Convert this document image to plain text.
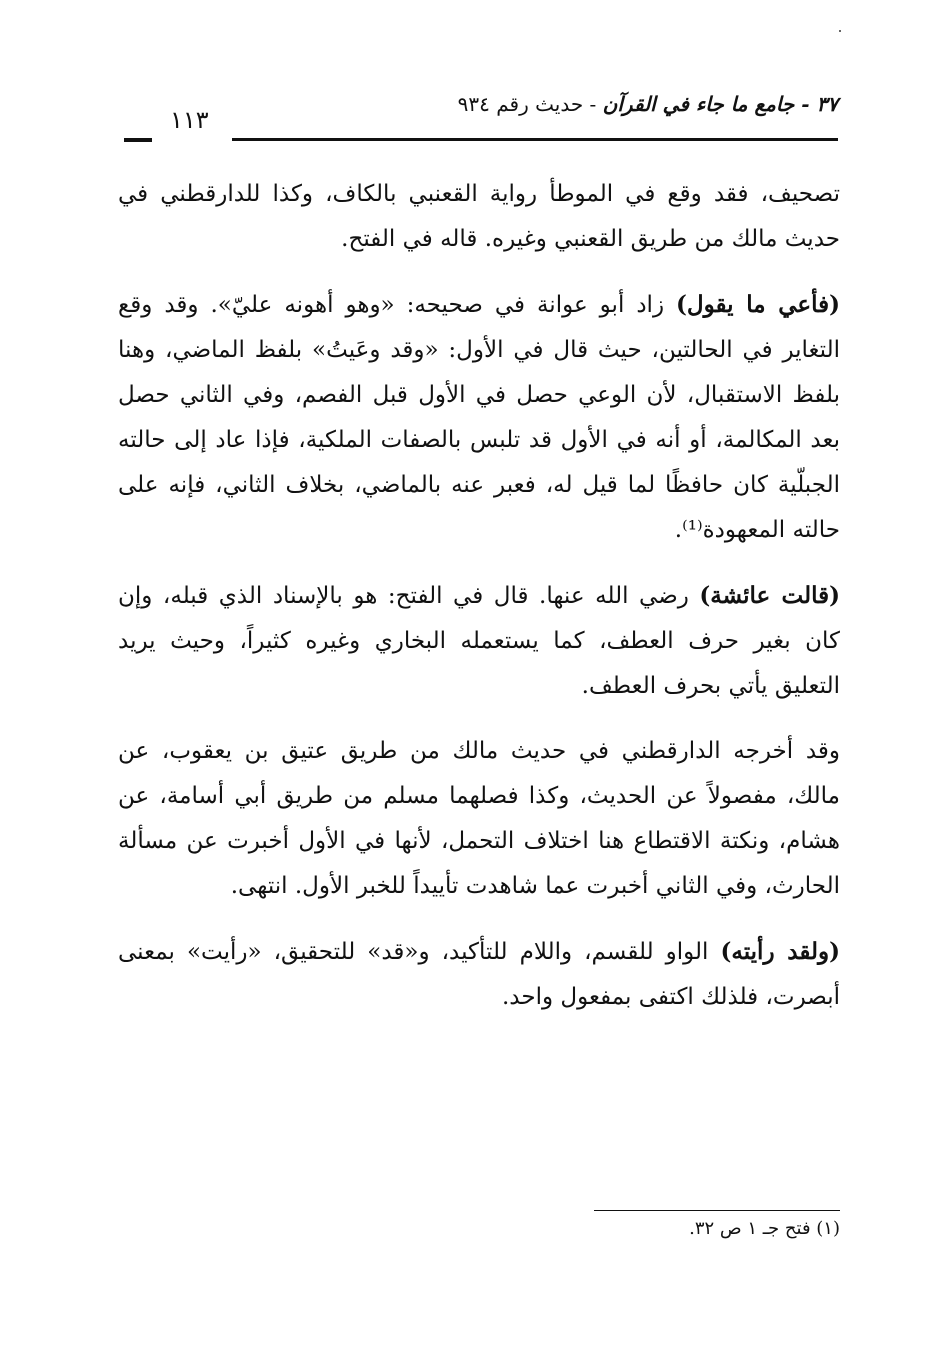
٣٧ - جامع ما جاء في القرآن - حديث رقم ٩٣٤
١١٣

تصحيف، فقد وقع في الموطأ رواية القعنبي بالكاف، وكذا للدارقطني في حديث مالك من طريق القعنبي وغيره. قاله في الفتح.

(فأعي ما يقول) زاد أبو عوانة في صحيحه: «وهو أهونه عليّ». وقد وقع التغاير في الحالتين، حيث قال في الأول: «وقد وعَيتُ» بلفظ الماضي، وهنا بلفظ الاستقبال، لأن الوعي حصل في الأول قبل الفصم، وفي الثاني حصل بعد المكالمة، أو أنه في الأول قد تلبس بالصفات الملكية، فإذا عاد إلى حالته الجبلّية كان حافظًا لما قيل له، فعبر عنه بالماضي، بخلاف الثاني، فإنه على حالته المعهودة⁽¹⁾.

(قالت عائشة) رضي الله عنها. قال في الفتح: هو بالإسناد الذي قبله، وإن كان بغير حرف العطف، كما يستعمله البخاري وغيره كثيراً، وحيث يريد التعليق يأتي بحرف العطف.

وقد أخرجه الدارقطني في حديث مالك من طريق عتيق بن يعقوب، عن مالك، مفصولاً عن الحديث، وكذا فصلهما مسلم من طريق أبي أسامة، عن هشام، ونكتة الاقتطاع هنا اختلاف التحمل، لأنها في الأول أخبرت عن مسألة الحارث، وفي الثاني أخبرت عما شاهدت تأييداً للخبر الأول. انتهى.

(ولقد رأيته) الواو للقسم، واللام للتأكيد، و«قد» للتحقيق، «رأيت» بمعنى أبصرت، فلذلك اكتفى بمفعول واحد.

(١) فتح جـ ١ ص ٣٢.
